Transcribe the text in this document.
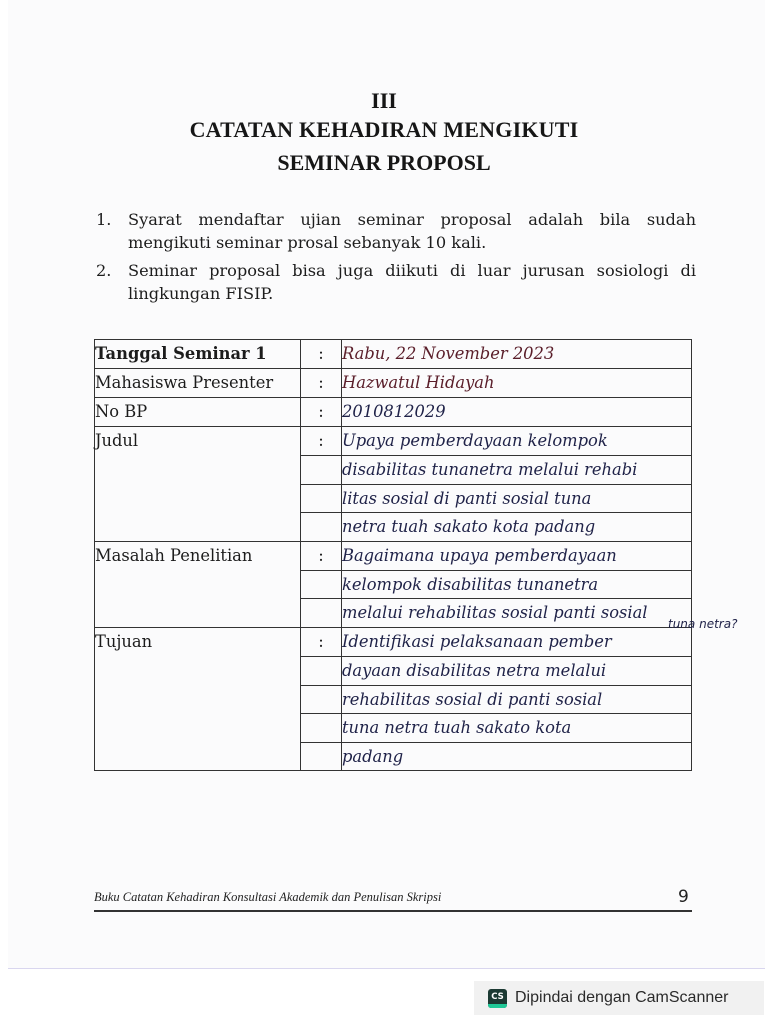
III
CATATAN KEHADIRAN MENGIKUTI
SEMINAR PROPOSL
1. Syarat mendaftar ujian seminar proposal adalah bila sudah mengikuti seminar prosal sebanyak 10 kali.
2. Seminar proposal bisa juga diikuti di luar jurusan sosiologi di lingkungan FISIP.
Tanggal Seminar 1	:	Rabu, 22 November 2023
Mahasiswa Presenter	:	Hazwatul Hidayah
No BP	:	2010812029
Judul	:	Upaya pemberdayaan kelompok
		disabilitas tunanetra melalui rehabi
		litas sosial di panti sosial tuna
		netra tuah sakato kota padang
Masalah Penelitian	:	Bagaimana upaya pemberdayaan
		kelompok disabilitas tunanetra
		melalui rehabilitas sosial panti sosial
Tujuan	:	Identifikasi pelaksanaan pember
		dayaan disabilitas netra melalui
		rehabilitas sosial di panti sosial
		tuna netra tuah sakato kota
		padang
tuna netra?
Buku Catatan Kehadiran Konsultasi Akademik dan Penulisan Skripsi	9
CS Dipindai dengan CamScanner
